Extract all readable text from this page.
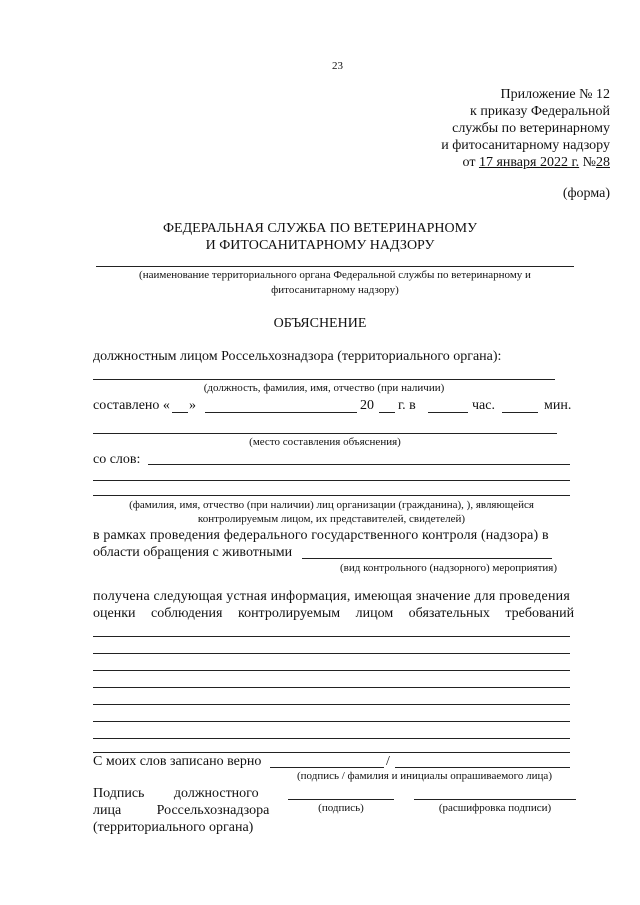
23
Приложение № 12
к приказу Федеральной
службы по ветеринарному
и фитосанитарному надзору
от 17 января 2022 г. №28
(форма)
ФЕДЕРАЛЬНАЯ СЛУЖБА ПО ВЕТЕРИНАРНОМУ
И ФИТОСАНИТАРНОМУ НАДЗОРУ
(наименование территориального органа Федеральной службы по ветеринарному и
фитосанитарному надзору)
ОБЪЯСНЕНИЕ
должностным лицом Россельхознадзора (территориального органа):
(должность, фамилия, имя, отчество (при наличии)
составлено « »	20 г. в	час.	мин.
(место составления объяснения)
со слов:
(фамилия, имя, отчество (при наличии) лиц организации (гражданина), ), являющейся
контролируемым лицом, их представителей, свидетелей)
в рамках проведения федерального государственного контроля (надзора) в
области обращения с животными
(вид контрольного (надзорного) мероприятия)
получена следующая устная информация, имеющая значение для проведения
оценки соблюдения контролируемым лицом обязательных требований
С моих слов записано верно	/
(подпись / фамилия и инициалы опрашиваемого лица)
Подпись должностного
лица Россельхознадзора
(территориального органа)
(подпись)	(расшифровка подписи)
